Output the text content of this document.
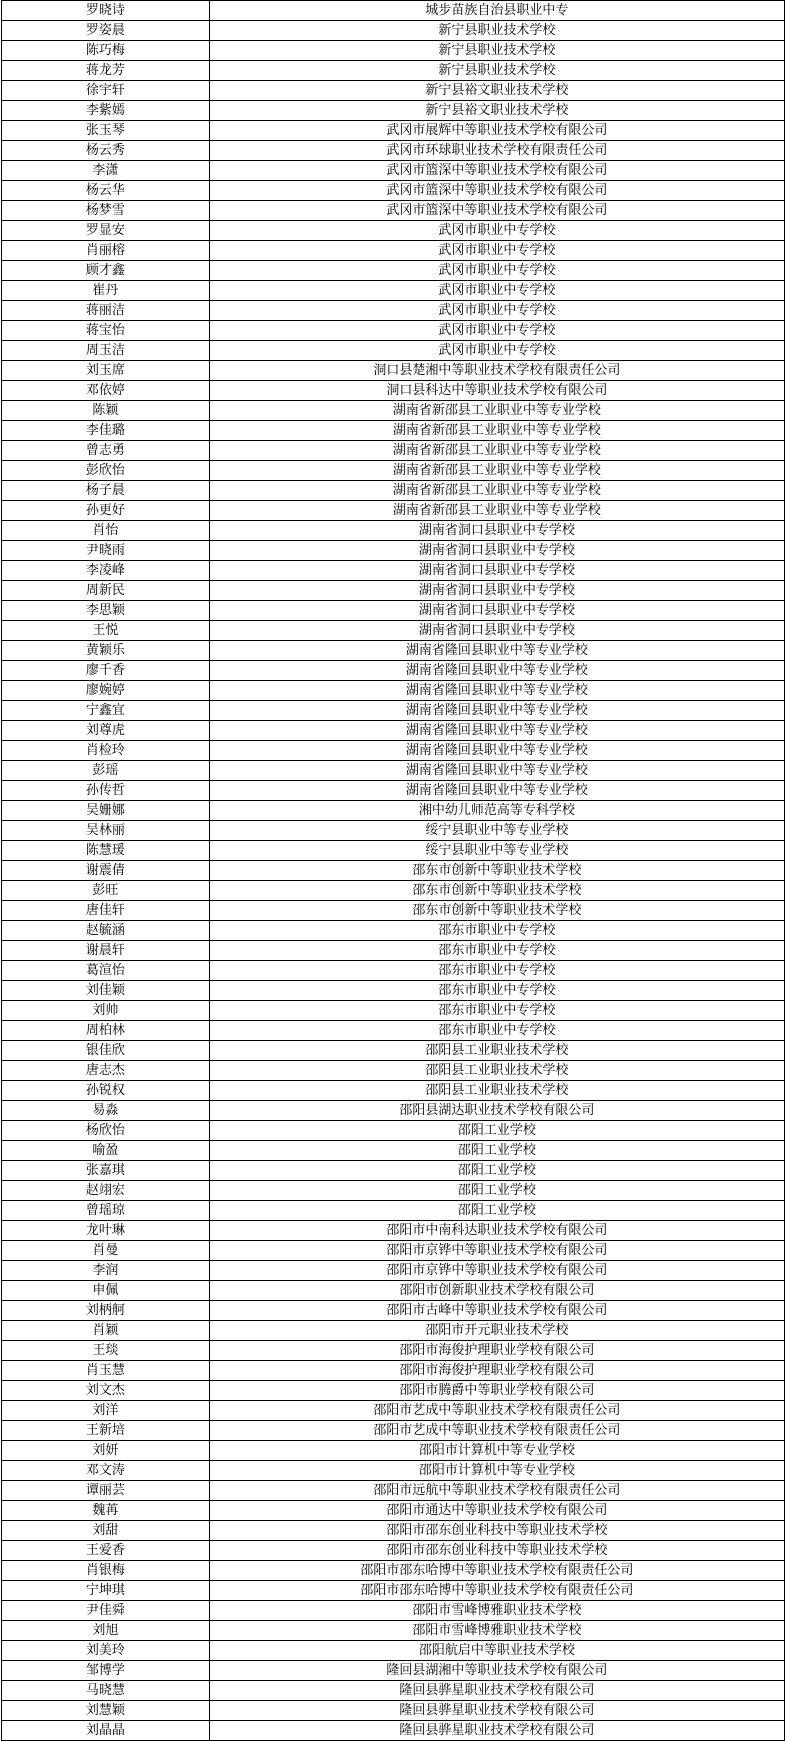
罗晓诗	城步苗族自治县职业中专
罗姿晨	新宁县职业技术学校
陈巧梅	新宁县职业技术学校
蒋龙芳	新宁县职业技术学校
徐宇轩	新宁县裕文职业技术学校
李紫嫣	新宁县裕文职业技术学校
张玉琴	武冈市展辉中等职业技术学校有限公司
杨云秀	武冈市环球职业技术学校有限责任公司
李潇	武冈市篮深中等职业技术学校有限公司
杨云华	武冈市篮深中等职业技术学校有限公司
杨梦雪	武冈市篮深中等职业技术学校有限公司
罗显安	武冈市职业中专学校
肖丽榕	武冈市职业中专学校
顾才鑫	武冈市职业中专学校
崔丹	武冈市职业中专学校
蒋丽洁	武冈市职业中专学校
蒋宝怡	武冈市职业中专学校
周玉洁	武冈市职业中专学校
刘玉席	洞口县楚湘中等职业技术学校有限责任公司
邓依婷	洞口县科达中等职业技术学校有限公司
陈颖	湖南省新邵县工业职业中等专业学校
李佳璐	湖南省新邵县工业职业中等专业学校
曾志勇	湖南省新邵县工业职业中等专业学校
彭欣怡	湖南省新邵县工业职业中等专业学校
杨子晨	湖南省新邵县工业职业中等专业学校
孙更好	湖南省新邵县工业职业中等专业学校
肖怡	湖南省洞口县职业中专学校
尹晓雨	湖南省洞口县职业中专学校
李凌峰	湖南省洞口县职业中专学校
周新民	湖南省洞口县职业中专学校
李思颖	湖南省洞口县职业中专学校
王悦	湖南省洞口县职业中专学校
黄颖乐	湖南省隆回县职业中等专业学校
廖千香	湖南省隆回县职业中等专业学校
廖婉婷	湖南省隆回县职业中等专业学校
宁鑫宜	湖南省隆回县职业中等专业学校
刘尊虎	湖南省隆回县职业中等专业学校
肖检玲	湖南省隆回县职业中等专业学校
彭瑶	湖南省隆回县职业中等专业学校
孙传哲	湖南省隆回县职业中等专业学校
吴姗娜	湘中幼儿师范高等专科学校
吴林丽	绥宁县职业中等专业学校
陈慧瑗	绥宁县职业中等专业学校
谢震倩	邵东市创新中等职业技术学校
彭旺	邵东市创新中等职业技术学校
唐佳轩	邵东市创新中等职业技术学校
赵毓涵	邵东市职业中专学校
谢晨轩	邵东市职业中专学校
葛渲怡	邵东市职业中专学校
刘佳颖	邵东市职业中专学校
刘帅	邵东市职业中专学校
周柏林	邵东市职业中专学校
银佳欣	邵阳县工业职业技术学校
唐志杰	邵阳县工业职业技术学校
孙锐权	邵阳县工业职业技术学校
易淼	邵阳县湖达职业技术学校有限公司
杨欣怡	邵阳工业学校
喻盈	邵阳工业学校
张嘉琪	邵阳工业学校
赵翊宏	邵阳工业学校
曾瑶琼	邵阳工业学校
龙叶琳	邵阳市中南科达职业技术学校有限公司
肖曼	邵阳市京铧中等职业技术学校有限公司
李润	邵阳市京铧中等职业技术学校有限公司
申佩	邵阳市创新职业技术学校有限公司
刘柄舸	邵阳市古峰中等职业技术学校有限公司
肖颖	邵阳市开元职业技术学校
王琰	邵阳市海俊护理职业学校有限公司
肖玉慧	邵阳市海俊护理职业学校有限公司
刘文杰	邵阳市腾爵中等职业学校有限公司
刘洋	邵阳市艺成中等职业技术学校有限责任公司
王新培	邵阳市艺成中等职业技术学校有限责任公司
刘妍	邵阳市计算机中等专业学校
邓文涛	邵阳市计算机中等专业学校
谭丽芸	邵阳市远航中等职业技术学校有限责任公司
魏苒	邵阳市通达中等职业技术学校有限公司
刘甜	邵阳市邵东创业科技中等职业技术学校
王爱香	邵阳市邵东创业科技中等职业技术学校
肖银梅	邵阳市邵东哈博中等职业技术学校有限责任公司
宁坤琪	邵阳市邵东哈博中等职业技术学校有限责任公司
尹佳舜	邵阳市雪峰博雅职业技术学校
刘旭	邵阳市雪峰博雅职业技术学校
刘美玲	邵阳航启中等职业技术学校
邹博学	隆回县湖湘中等职业技术学校有限公司
马晓慧	隆回县骅星职业技术学校有限公司
刘慧颖	隆回县骅星职业技术学校有限公司
刘晶晶	隆回县骅星职业技术学校有限公司
